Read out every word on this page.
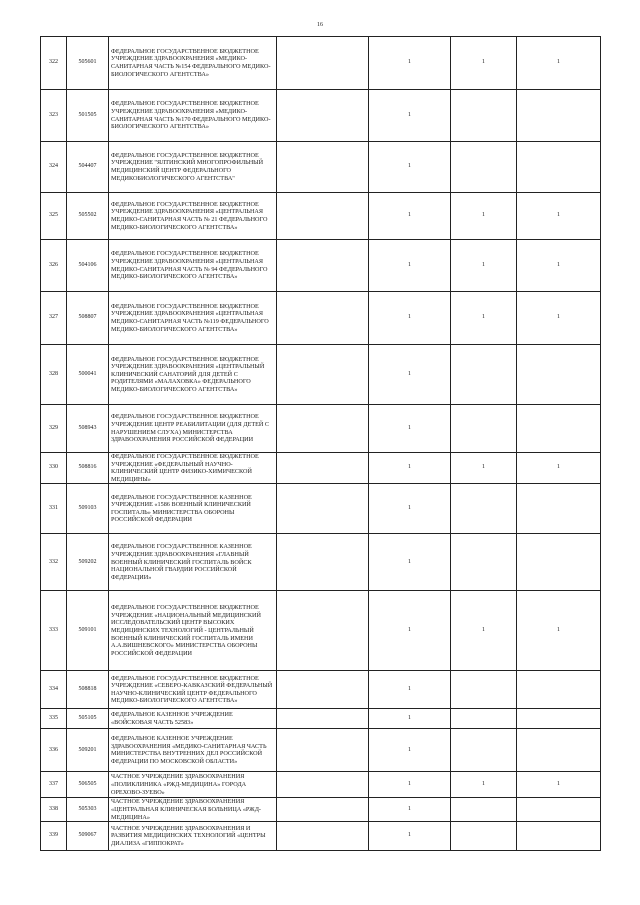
16
322	505601	ФЕДЕРАЛЬНОЕ ГОСУДАРСТВЕННОЕ БЮДЖЕТНОЕ УЧРЕЖДЕНИЕ ЗДРАВООХРАНЕНИЯ «МЕДИКО-САНИТАРНАЯ ЧАСТЬ №154 ФЕДЕРАЛЬНОГО МЕДИКО-БИОЛОГИЧЕСКОГО АГЕНТСТВА»		1	1	1
323	501505	ФЕДЕРАЛЬНОЕ ГОСУДАРСТВЕННОЕ БЮДЖЕТНОЕ УЧРЕЖДЕНИЕ ЗДРАВООХРАНЕНИЯ «МЕДИКО-САНИТАРНАЯ ЧАСТЬ №170 ФЕДЕРАЛЬНОГО МЕДИКО-БИОЛОГИЧЕСКОГО АГЕНТСТВА»		1		
324	504407	ФЕДЕРАЛЬНОЕ ГОСУДАРСТВЕННОЕ БЮДЖЕТНОЕ УЧРЕЖДЕНИЕ "ЯЛТИНСКИЙ МНОГОПРОФИЛЬНЫЙ МЕДИЦИНСКИЙ ЦЕНТР ФЕДЕРАЛЬНОГО МЕДИКОБИОЛОГИЧЕСКОГО АГЕНТСТВА"		1		
325	505502	ФЕДЕРАЛЬНОЕ ГОСУДАРСТВЕННОЕ БЮДЖЕТНОЕ УЧРЕЖДЕНИЕ ЗДРАВООХРАНЕНИЯ «ЦЕНТРАЛЬНАЯ МЕДИКО-САНИТАРНАЯ ЧАСТЬ № 21 ФЕДЕРАЛЬНОГО МЕДИКО-БИОЛОГИЧЕСКОГО АГЕНТСТВА»		1	1	1
326	504106	ФЕДЕРАЛЬНОЕ ГОСУДАРСТВЕННОЕ БЮДЖЕТНОЕ УЧРЕЖДЕНИЕ ЗДРАВООХРАНЕНИЯ «ЦЕНТРАЛЬНАЯ МЕДИКО-САНИТАРНАЯ ЧАСТЬ № 94 ФЕДЕРАЛЬНОГО МЕДИКО-БИОЛОГИЧЕСКОГО АГЕНТСТВА»		1	1	1
327	508807	ФЕДЕРАЛЬНОЕ ГОСУДАРСТВЕННОЕ БЮДЖЕТНОЕ УЧРЕЖДЕНИЕ ЗДРАВООХРАНЕНИЯ «ЦЕНТРАЛЬНАЯ МЕДИКО-САНИТАРНАЯ ЧАСТЬ №119 ФЕДЕРАЛЬНОГО МЕДИКО-БИОЛОГИЧЕСКОГО АГЕНТСТВА»		1	1	1
328	500041	ФЕДЕРАЛЬНОЕ ГОСУДАРСТВЕННОЕ БЮДЖЕТНОЕ УЧРЕЖДЕНИЕ ЗДРАВООХРАНЕНИЯ «ЦЕНТРАЛЬНЫЙ КЛИНИЧЕСКИЙ САНАТОРИЙ ДЛЯ ДЕТЕЙ С РОДИТЕЛЯМИ «МАЛАХОВКА» ФЕДЕРАЛЬНОГО МЕДИКО-БИОЛОГИЧЕСКОГО АГЕНТСТВА»		1		
329	508943	ФЕДЕРАЛЬНОЕ ГОСУДАРСТВЕННОЕ БЮДЖЕТНОЕ УЧРЕЖДЕНИЕ ЦЕНТР РЕАБИЛИТАЦИИ (ДЛЯ ДЕТЕЙ С НАРУШЕНИЕМ СЛУХА) МИНИСТЕРСТВА ЗДРАВООХРАНЕНИЯ РОССИЙСКОЙ ФЕДЕРАЦИИ		1		
330	508816	ФЕДЕРАЛЬНОЕ ГОСУДАРСТВЕННОЕ БЮДЖЕТНОЕ УЧРЕЖДЕНИЕ «ФЕДЕРАЛЬНЫЙ НАУЧНО-КЛИНИЧЕСКИЙ ЦЕНТР ФИЗИКО-ХИМИЧЕСКОЙ МЕДИЦИНЫ»		1	1	1
331	509103	ФЕДЕРАЛЬНОЕ ГОСУДАРСТВЕННОЕ КАЗЕННОЕ УЧРЕЖДЕНИЕ «1586 ВОЕННЫЙ КЛИНИЧЕСКИЙ ГОСПИТАЛЬ» МИНИСТЕРСТВА ОБОРОНЫ РОССИЙСКОЙ ФЕДЕРАЦИИ		1		
332	509202	ФЕДЕРАЛЬНОЕ ГОСУДАРСТВЕННОЕ КАЗЕННОЕ УЧРЕЖДЕНИЕ ЗДРАВООХРАНЕНИЯ «ГЛАВНЫЙ ВОЕННЫЙ КЛИНИЧЕСКИЙ ГОСПИТАЛЬ ВОЙСК НАЦИОНАЛЬНОЙ ГВАРДИИ РОССИЙСКОЙ ФЕДЕРАЦИИ»		1		
333	509101	ФЕДЕРАЛЬНОЕ ГОСУДАРСТВЕННОЕ БЮДЖЕТНОЕ УЧРЕЖДЕНИЕ «НАЦИОНАЛЬНЫЙ МЕДИЦИНСКИЙ ИССЛЕДОВАТЕЛЬСКИЙ ЦЕНТР ВЫСОКИХ МЕДИЦИНСКИХ ТЕХНОЛОГИЙ - ЦЕНТРАЛЬНЫЙ ВОЕННЫЙ КЛИНИЧЕСКИЙ ГОСПИТАЛЬ ИМЕНИ А.А.ВИШНЕВСКОГО» МИНИСТЕРСТВА ОБОРОНЫ РОССИЙСКОЙ ФЕДЕРАЦИИ		1	1	1
334	508818	ФЕДЕРАЛЬНОЕ ГОСУДАРСТВЕННОЕ БЮДЖЕТНОЕ УЧРЕЖДЕНИЕ «СЕВЕРО-КАВКАЗСКИЙ ФЕДЕРАЛЬНЫЙ НАУЧНО-КЛИНИЧЕСКИЙ ЦЕНТР ФЕДЕРАЛЬНОГО МЕДИКО-БИОЛОГИЧЕСКОГО АГЕНТСТВА»		1		
335	505105	ФЕДЕРАЛЬНОЕ КАЗЕННОЕ УЧРЕЖДЕНИЕ «ВОЙСКОВАЯ ЧАСТЬ 52583»		1		
336	509201	ФЕДЕРАЛЬНОЕ КАЗЕННОЕ УЧРЕЖДЕНИЕ ЗДРАВООХРАНЕНИЯ «МЕДИКО-САНИТАРНАЯ ЧАСТЬ МИНИСТЕРСТВА ВНУТРЕННИХ ДЕЛ РОССИЙСКОЙ ФЕДЕРАЦИИ ПО МОСКОВСКОЙ ОБЛАСТИ»		1		
337	506505	ЧАСТНОЕ УЧРЕЖДЕНИЕ ЗДРАВООХРАНЕНИЯ «ПОЛИКЛИНИКА «РЖД-МЕДИЦИНА» ГОРОДА ОРЕХОВО-ЗУЕВО»		1	1	1
338	505303	ЧАСТНОЕ УЧРЕЖДЕНИЕ ЗДРАВООХРАНЕНИЯ «ЦЕНТРАЛЬНАЯ КЛИНИЧЕСКАЯ БОЛЬНИЦА «РЖД-МЕДИЦИНА»		1		
339	509067	ЧАСТНОЕ УЧРЕЖДЕНИЕ ЗДРАВООХРАНЕНИЯ И РАЗВИТИЯ МЕДИЦИНСКИХ ТЕХНОЛОГИЙ «ЦЕНТРЫ ДИАЛИЗА «ГИППОКРАТ»		1		
